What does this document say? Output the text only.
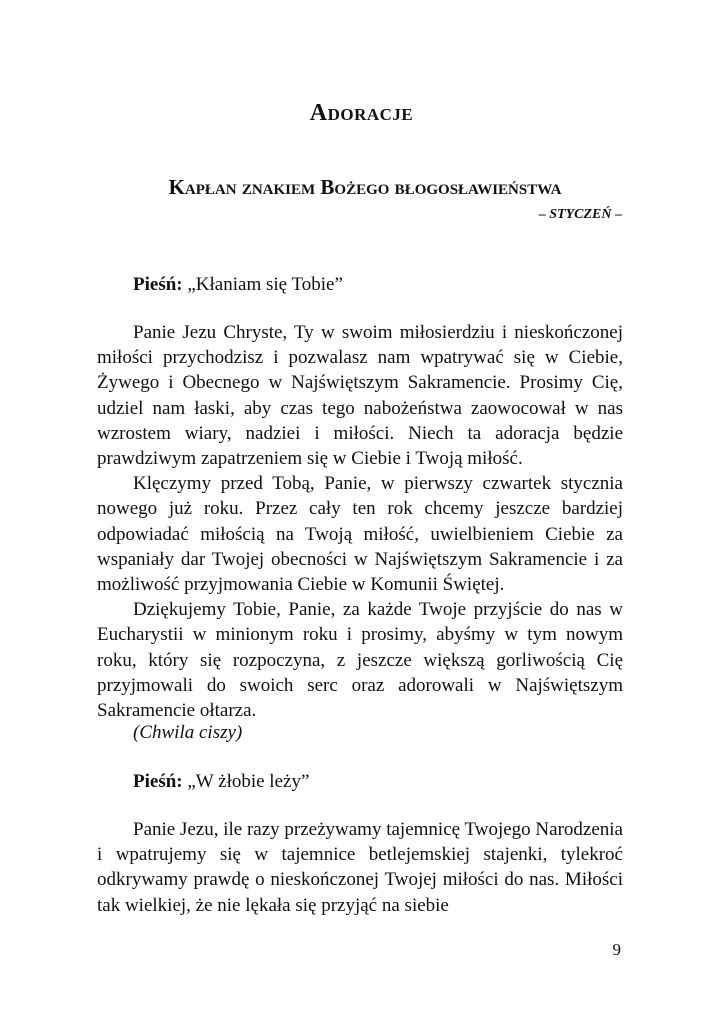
Adoracje
Kapłan znakiem Bożego błogosławieństwa
– STYCZEŃ –

Pieśń: „Kłaniam się Tobie”

Panie Jezu Chryste, Ty w swoim miłosierdziu i nieskończonej miłości przychodzisz i pozwalasz nam wpatrywać się w Ciebie, Żywego i Obecnego w Najświętszym Sakramencie. Prosimy Cię, udziel nam łaski, aby czas tego nabożeństwa zaowocował w nas wzrostem wiary, nadziei i miłości. Niech ta adoracja będzie prawdziwym zapatrzeniem się w Ciebie i Twoją miłość.

Klęczymy przed Tobą, Panie, w pierwszy czwartek stycznia nowego już roku. Przez cały ten rok chcemy jeszcze bardziej odpowiadać miłością na Twoją miłość, uwielbieniem Ciebie za wspaniały dar Twojej obecności w Najświętszym Sakramencie i za możliwość przyjmowania Ciebie w Komunii Świętej.

Dziękujemy Tobie, Panie, za każde Twoje przyjście do nas w Eucharystii w minionym roku i prosimy, abyśmy w tym nowym roku, który się rozpoczyna, z jeszcze większą gorliwością Cię przyjmowali do swoich serc oraz adorowali w Najświętszym Sakramencie ołtarza.

(Chwila ciszy)

Pieśń: „W żłobie leży”

Panie Jezu, ile razy przeżywamy tajemnicę Twojego Narodzenia i wpatrujemy się w tajemnice betlejemskiej stajenki, tylekroć odkrywamy prawdę o nieskończonej Twojej miłości do nas. Miłości tak wielkiej, że nie lękała się przyjąć na siebie

9
